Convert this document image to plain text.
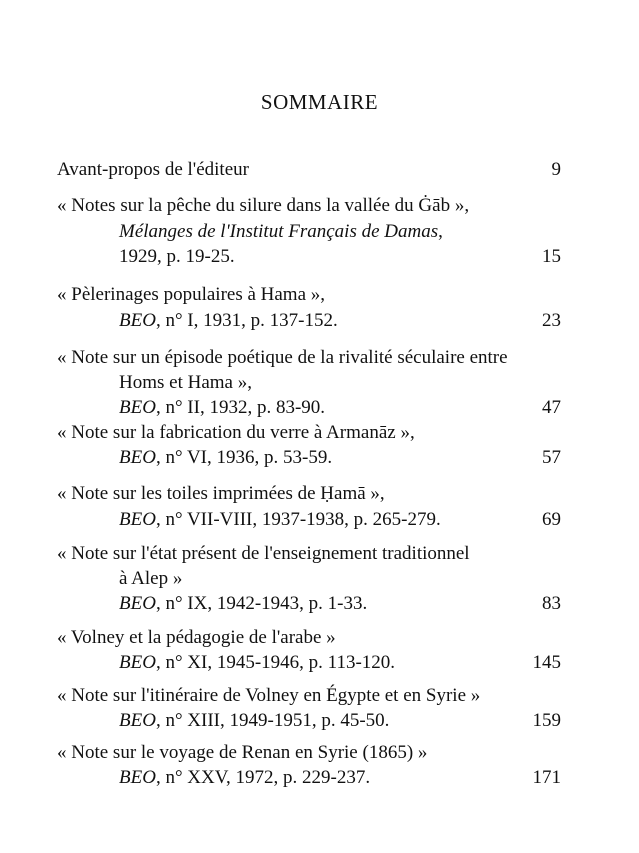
SOMMAIRE
Avant-propos de l'éditeur	9
« Notes sur la pêche du silure dans la vallée du Ġāb »,
Mélanges de l'Institut Français de Damas,
1929, p. 19-25.	15
« Pèlerinages populaires à Hama »,
BEO, n° I, 1931, p. 137-152.	23
« Note sur un épisode poétique de la rivalité séculaire entre
Homs et Hama »,
BEO, n° II, 1932, p. 83-90.	47
« Note sur la fabrication du verre à Armanāz »,
BEO, n° VI, 1936, p. 53-59.	57
« Note sur les toiles imprimées de Ḥamā »,
BEO, n° VII-VIII, 1937-1938, p. 265-279.	69
« Note sur l'état présent de l'enseignement traditionnel
à Alep »
BEO, n° IX, 1942-1943, p. 1-33.	83
« Volney et la pédagogie de l'arabe »
BEO, n° XI, 1945-1946, p. 113-120.	145
« Note sur l'itinéraire de Volney en Égypte et en Syrie »
BEO, n° XIII, 1949-1951, p. 45-50.	159
« Note sur le voyage de Renan en Syrie (1865) »
BEO, n° XXV, 1972, p. 229-237.	171
